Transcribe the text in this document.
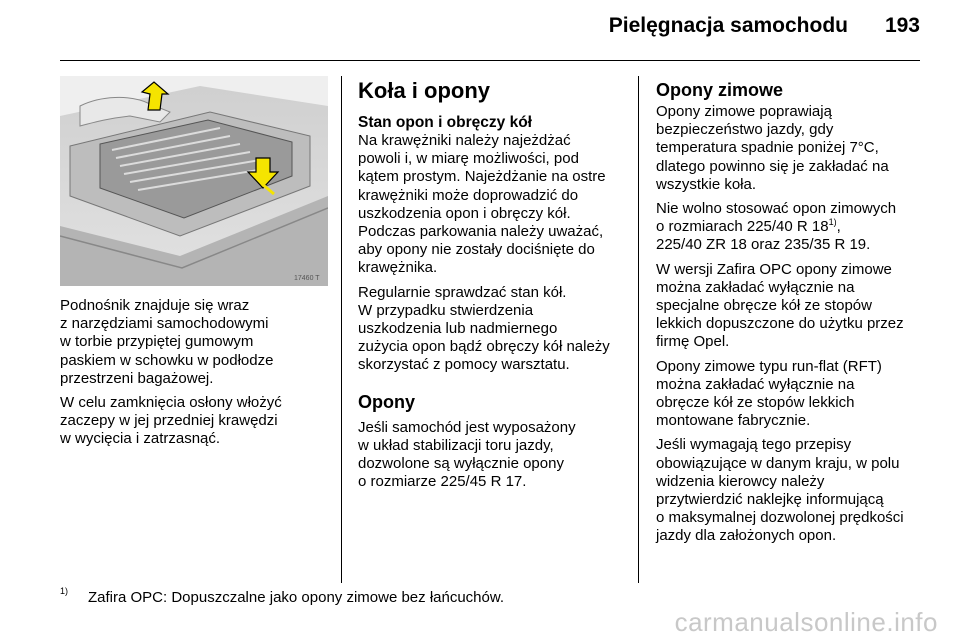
Pielęgnacja samochodu 193
17460 T

Podnośnik znajduje się wraz
z narzędziami samochodowymi
w torbie przypiętej gumowym
paskiem w schowku w podłodze
przestrzeni bagażowej.

W celu zamknięcia osłony włożyć
zaczepy w jej przedniej krawędzi
w wycięcia i zatrzasnąć.

Koła i opony
Stan opon i obręczy kół

Na krawężniki należy najeżdżać
powoli i, w miarę możliwości, pod
kątem prostym. Najeżdżanie na ostre
krawężniki może doprowadzić do
uszkodzenia opon i obręczy kół.
Podczas parkowania należy uważać,
aby opony nie zostały dociśnięte do
krawężnika.

Regularnie sprawdzać stan kół.
W przypadku stwierdzenia
uszkodzenia lub nadmiernego
zużycia opon bądź obręczy kół należy
skorzystać z pomocy warsztatu.

Opony

Jeśli samochód jest wyposażony
w układ stabilizacji toru jazdy,
dozwolone są wyłącznie opony
o rozmiarze 225/45 R 17.

Opony zimowe

Opony zimowe poprawiają
bezpieczeństwo jazdy, gdy
temperatura spadnie poniżej 7°C,
dlatego powinno się je zakładać na
wszystkie koła.

Nie wolno stosować opon zimowych
o rozmiarach 225/40 R 18$^{1)}$,
225/40 ZR 18 oraz 235/35 R 19.

W wersji Zafira OPC opony zimowe
można zakładać wyłącznie na
specjalne obręcze kół ze stopów
lekkich dopuszczone do użytku przez
firmę Opel.

Opony zimowe typu run-flat (RFT)
można zakładać wyłącznie na
obręcze kół ze stopów lekkich
montowane fabrycznie.

Jeśli wymagają tego przepisy
obowiązujące w danym kraju, w polu
widzenia kierowcy należy
przytwierdzić naklejkę informującą
o maksymalnej dozwolonej prędkości
jazdy dla założonych opon.

1) Zafira OPC: Dopuszczalne jako opony zimowe bez łańcuchów.
carmanualsonline.info
